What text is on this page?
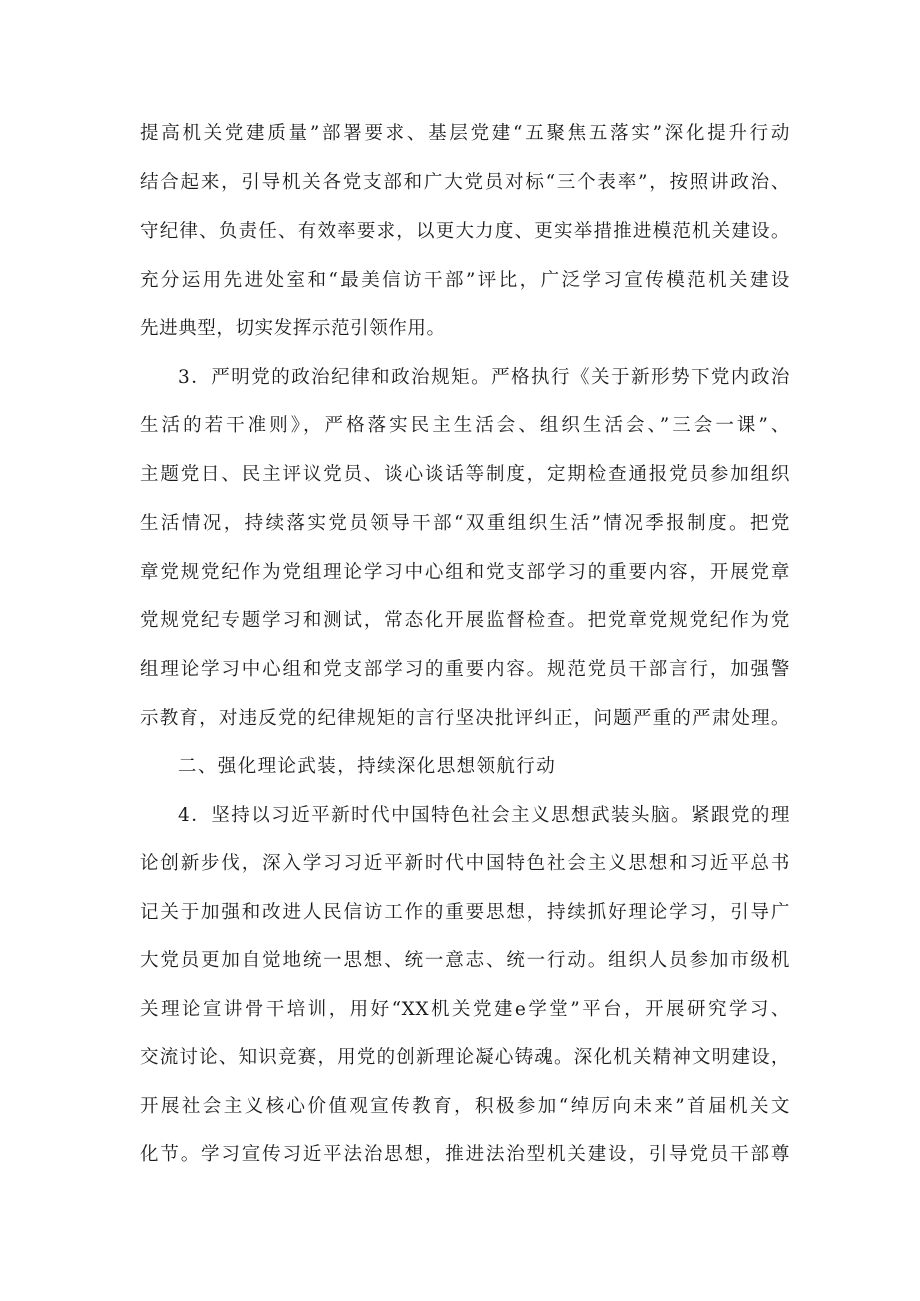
提高机关党建质量”部署要求、基层党建“五聚焦五落实”深化提升行动
结合起来，引导机关各党支部和广大党员对标“三个表率”，按照讲政治、
守纪律、负责任、有效率要求，以更大力度、更实举措推进模范机关建设。
充分运用先进处室和“最美信访干部”评比，广泛学习宣传模范机关建设
先进典型，切实发挥示范引领作用。
3．严明党的政治纪律和政治规矩。严格执行《关于新形势下党内政治
生活的若干准则》，严格落实民主生活会、组织生活会、”三会一课”、
主题党日、民主评议党员、谈心谈话等制度，定期检查通报党员参加组织
生活情况，持续落实党员领导干部“双重组织生活”情况季报制度。把党
章党规党纪作为党组理论学习中心组和党支部学习的重要内容，开展党章
党规党纪专题学习和测试，常态化开展监督检查。把党章党规党纪作为党
组理论学习中心组和党支部学习的重要内容。规范党员干部言行，加强警
示教育，对违反党的纪律规矩的言行坚决批评纠正，问题严重的严肃处理。
二、强化理论武装，持续深化思想领航行动
4．坚持以习近平新时代中国特色社会主义思想武装头脑。紧跟党的理
论创新步伐，深入学习习近平新时代中国特色社会主义思想和习近平总书
记关于加强和改进人民信访工作的重要思想，持续抓好理论学习，引导广
大党员更加自觉地统一思想、统一意志、统一行动。组织人员参加市级机
关理论宣讲骨干培训，用好“XX机关党建e学堂”平台，开展研究学习、
交流讨论、知识竞赛，用党的创新理论凝心铸魂。深化机关精神文明建设，
开展社会主义核心价值观宣传教育，积极参加“绰厉向未来”首届机关文
化节。学习宣传习近平法治思想，推进法治型机关建设，引导党员干部尊
